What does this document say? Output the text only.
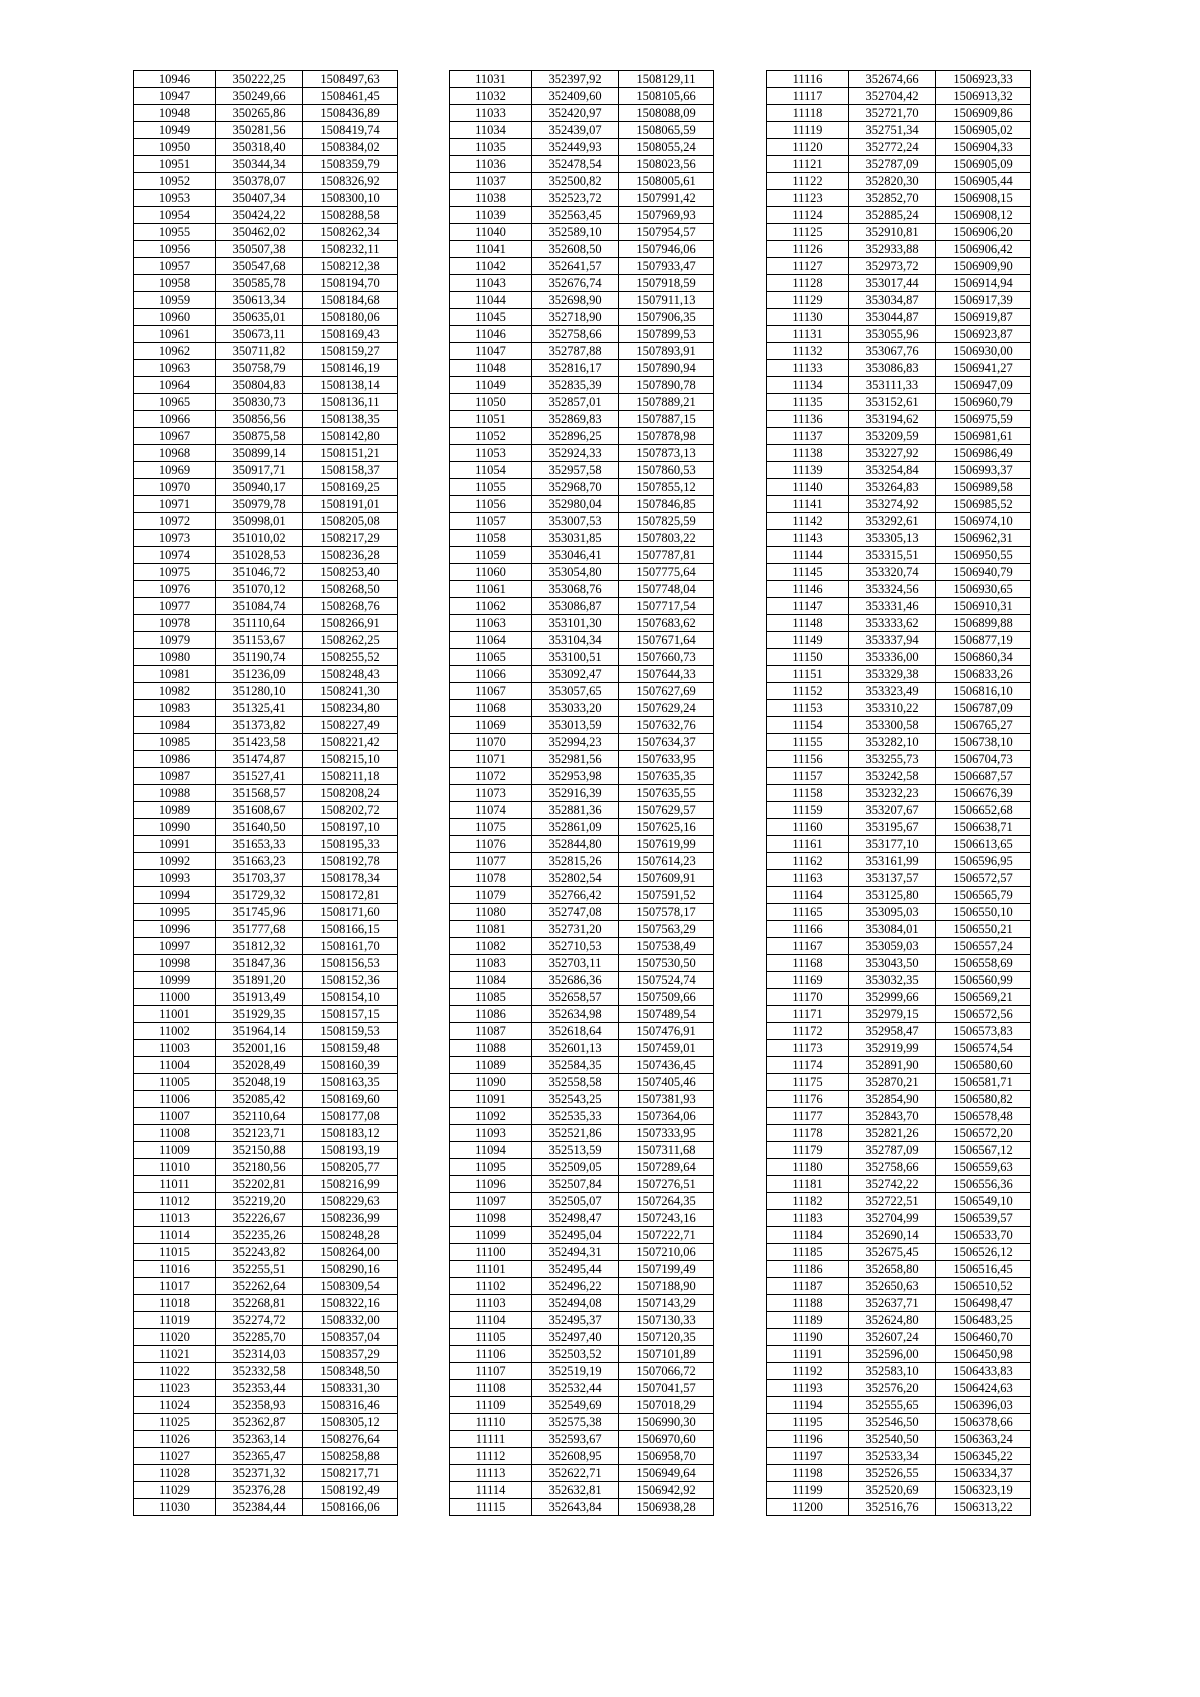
10946	350222,25	1508497,63
10947	350249,66	1508461,45
10948	350265,86	1508436,89
10949	350281,56	1508419,74
10950	350318,40	1508384,02
10951	350344,34	1508359,79
10952	350378,07	1508326,92
10953	350407,34	1508300,10
10954	350424,22	1508288,58
10955	350462,02	1508262,34
10956	350507,38	1508232,11
10957	350547,68	1508212,38
10958	350585,78	1508194,70
10959	350613,34	1508184,68
10960	350635,01	1508180,06
10961	350673,11	1508169,43
10962	350711,82	1508159,27
10963	350758,79	1508146,19
10964	350804,83	1508138,14
10965	350830,73	1508136,11
10966	350856,56	1508138,35
10967	350875,58	1508142,80
10968	350899,14	1508151,21
10969	350917,71	1508158,37
10970	350940,17	1508169,25
10971	350979,78	1508191,01
10972	350998,01	1508205,08
10973	351010,02	1508217,29
10974	351028,53	1508236,28
10975	351046,72	1508253,40
10976	351070,12	1508268,50
10977	351084,74	1508268,76
10978	351110,64	1508266,91
10979	351153,67	1508262,25
10980	351190,74	1508255,52
10981	351236,09	1508248,43
10982	351280,10	1508241,30
10983	351325,41	1508234,80
10984	351373,82	1508227,49
10985	351423,58	1508221,42
10986	351474,87	1508215,10
10987	351527,41	1508211,18
10988	351568,57	1508208,24
10989	351608,67	1508202,72
10990	351640,50	1508197,10
10991	351653,33	1508195,33
10992	351663,23	1508192,78
10993	351703,37	1508178,34
10994	351729,32	1508172,81
10995	351745,96	1508171,60
10996	351777,68	1508166,15
10997	351812,32	1508161,70
10998	351847,36	1508156,53
10999	351891,20	1508152,36
11000	351913,49	1508154,10
11001	351929,35	1508157,15
11002	351964,14	1508159,53
11003	352001,16	1508159,48
11004	352028,49	1508160,39
11005	352048,19	1508163,35
11006	352085,42	1508169,60
11007	352110,64	1508177,08
11008	352123,71	1508183,12
11009	352150,88	1508193,19
11010	352180,56	1508205,77
11011	352202,81	1508216,99
11012	352219,20	1508229,63
11013	352226,67	1508236,99
11014	352235,26	1508248,28
11015	352243,82	1508264,00
11016	352255,51	1508290,16
11017	352262,64	1508309,54
11018	352268,81	1508322,16
11019	352274,72	1508332,00
11020	352285,70	1508357,04
11021	352314,03	1508357,29
11022	352332,58	1508348,50
11023	352353,44	1508331,30
11024	352358,93	1508316,46
11025	352362,87	1508305,12
11026	352363,14	1508276,64
11027	352365,47	1508258,88
11028	352371,32	1508217,71
11029	352376,28	1508192,49
11030	352384,44	1508166,06
11031	352397,92	1508129,11
11032	352409,60	1508105,66
11033	352420,97	1508088,09
11034	352439,07	1508065,59
11035	352449,93	1508055,24
11036	352478,54	1508023,56
11037	352500,82	1508005,61
11038	352523,72	1507991,42
11039	352563,45	1507969,93
11040	352589,10	1507954,57
11041	352608,50	1507946,06
11042	352641,57	1507933,47
11043	352676,74	1507918,59
11044	352698,90	1507911,13
11045	352718,90	1507906,35
11046	352758,66	1507899,53
11047	352787,88	1507893,91
11048	352816,17	1507890,94
11049	352835,39	1507890,78
11050	352857,01	1507889,21
11051	352869,83	1507887,15
11052	352896,25	1507878,98
11053	352924,33	1507873,13
11054	352957,58	1507860,53
11055	352968,70	1507855,12
11056	352980,04	1507846,85
11057	353007,53	1507825,59
11058	353031,85	1507803,22
11059	353046,41	1507787,81
11060	353054,80	1507775,64
11061	353068,76	1507748,04
11062	353086,87	1507717,54
11063	353101,30	1507683,62
11064	353104,34	1507671,64
11065	353100,51	1507660,73
11066	353092,47	1507644,33
11067	353057,65	1507627,69
11068	353033,20	1507629,24
11069	353013,59	1507632,76
11070	352994,23	1507634,37
11071	352981,56	1507633,95
11072	352953,98	1507635,35
11073	352916,39	1507635,55
11074	352881,36	1507629,57
11075	352861,09	1507625,16
11076	352844,80	1507619,99
11077	352815,26	1507614,23
11078	352802,54	1507609,91
11079	352766,42	1507591,52
11080	352747,08	1507578,17
11081	352731,20	1507563,29
11082	352710,53	1507538,49
11083	352703,11	1507530,50
11084	352686,36	1507524,74
11085	352658,57	1507509,66
11086	352634,98	1507489,54
11087	352618,64	1507476,91
11088	352601,13	1507459,01
11089	352584,35	1507436,45
11090	352558,58	1507405,46
11091	352543,25	1507381,93
11092	352535,33	1507364,06
11093	352521,86	1507333,95
11094	352513,59	1507311,68
11095	352509,05	1507289,64
11096	352507,84	1507276,51
11097	352505,07	1507264,35
11098	352498,47	1507243,16
11099	352495,04	1507222,71
11100	352494,31	1507210,06
11101	352495,44	1507199,49
11102	352496,22	1507188,90
11103	352494,08	1507143,29
11104	352495,37	1507130,33
11105	352497,40	1507120,35
11106	352503,52	1507101,89
11107	352519,19	1507066,72
11108	352532,44	1507041,57
11109	352549,69	1507018,29
11110	352575,38	1506990,30
11111	352593,67	1506970,60
11112	352608,95	1506958,70
11113	352622,71	1506949,64
11114	352632,81	1506942,92
11115	352643,84	1506938,28
11116	352674,66	1506923,33
11117	352704,42	1506913,32
11118	352721,70	1506909,86
11119	352751,34	1506905,02
11120	352772,24	1506904,33
11121	352787,09	1506905,09
11122	352820,30	1506905,44
11123	352852,70	1506908,15
11124	352885,24	1506908,12
11125	352910,81	1506906,20
11126	352933,88	1506906,42
11127	352973,72	1506909,90
11128	353017,44	1506914,94
11129	353034,87	1506917,39
11130	353044,87	1506919,87
11131	353055,96	1506923,87
11132	353067,76	1506930,00
11133	353086,83	1506941,27
11134	353111,33	1506947,09
11135	353152,61	1506960,79
11136	353194,62	1506975,59
11137	353209,59	1506981,61
11138	353227,92	1506986,49
11139	353254,84	1506993,37
11140	353264,83	1506989,58
11141	353274,92	1506985,52
11142	353292,61	1506974,10
11143	353305,13	1506962,31
11144	353315,51	1506950,55
11145	353320,74	1506940,79
11146	353324,56	1506930,65
11147	353331,46	1506910,31
11148	353333,62	1506899,88
11149	353337,94	1506877,19
11150	353336,00	1506860,34
11151	353329,38	1506833,26
11152	353323,49	1506816,10
11153	353310,22	1506787,09
11154	353300,58	1506765,27
11155	353282,10	1506738,10
11156	353255,73	1506704,73
11157	353242,58	1506687,57
11158	353232,23	1506676,39
11159	353207,67	1506652,68
11160	353195,67	1506638,71
11161	353177,10	1506613,65
11162	353161,99	1506596,95
11163	353137,57	1506572,57
11164	353125,80	1506565,79
11165	353095,03	1506550,10
11166	353084,01	1506550,21
11167	353059,03	1506557,24
11168	353043,50	1506558,69
11169	353032,35	1506560,99
11170	352999,66	1506569,21
11171	352979,15	1506572,56
11172	352958,47	1506573,83
11173	352919,99	1506574,54
11174	352891,90	1506580,60
11175	352870,21	1506581,71
11176	352854,90	1506580,82
11177	352843,70	1506578,48
11178	352821,26	1506572,20
11179	352787,09	1506567,12
11180	352758,66	1506559,63
11181	352742,22	1506556,36
11182	352722,51	1506549,10
11183	352704,99	1506539,57
11184	352690,14	1506533,70
11185	352675,45	1506526,12
11186	352658,80	1506516,45
11187	352650,63	1506510,52
11188	352637,71	1506498,47
11189	352624,80	1506483,25
11190	352607,24	1506460,70
11191	352596,00	1506450,98
11192	352583,10	1506433,83
11193	352576,20	1506424,63
11194	352555,65	1506396,03
11195	352546,50	1506378,66
11196	352540,50	1506363,24
11197	352533,34	1506345,22
11198	352526,55	1506334,37
11199	352520,69	1506323,19
11200	352516,76	1506313,22
